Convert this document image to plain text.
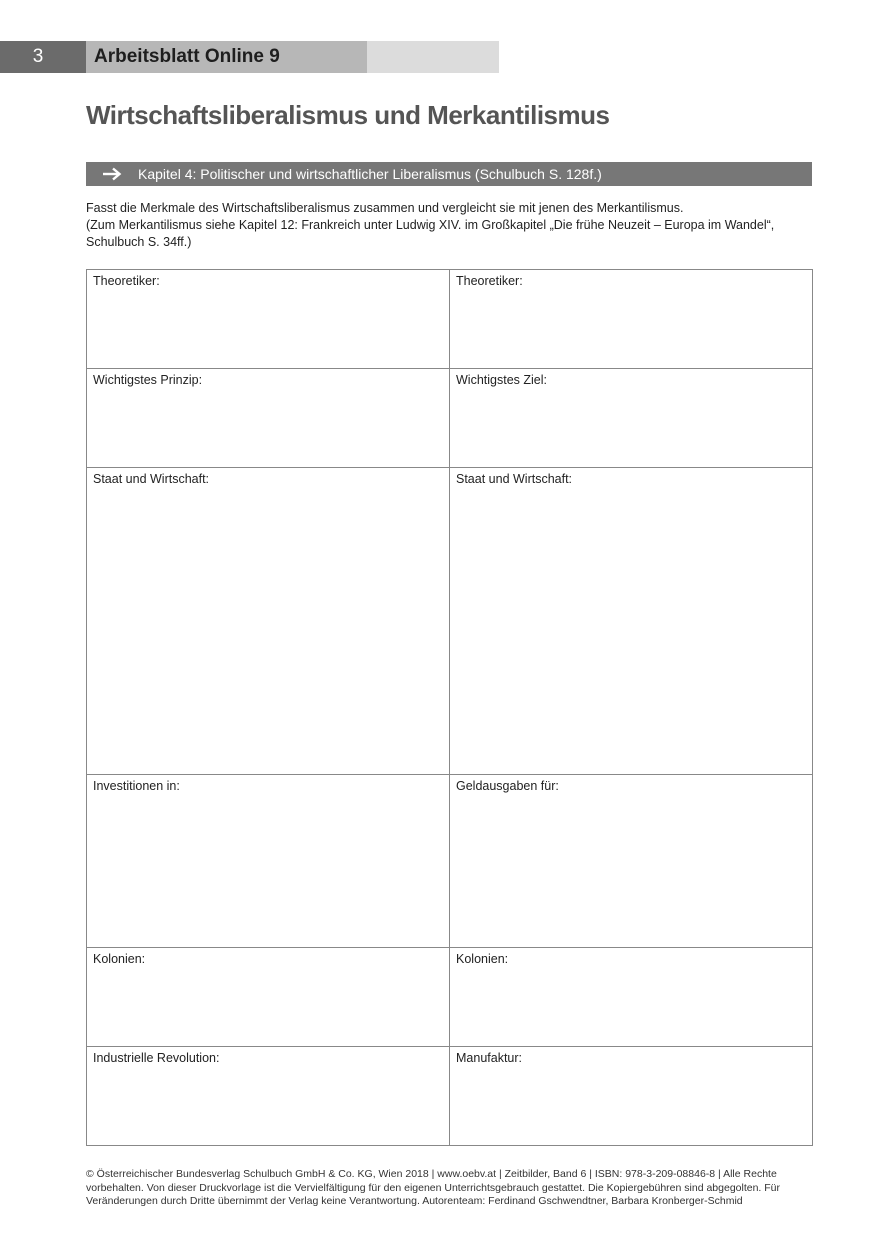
3	Arbeitsblatt Online 9
Wirtschaftsliberalismus und Merkantilismus
Kapitel 4: Politischer und wirtschaftlicher Liberalismus (Schulbuch S. 128f.)

Fasst die Merkmale des Wirtschaftsliberalismus zusammen und vergleicht sie mit jenen des Merkantilismus.

(Zum Merkantilismus siehe Kapitel 12: Frankreich unter Ludwig XIV. im Großkapitel „Die frühe Neuzeit – Europa im Wandel“, Schulbuch S. 34ff.)

Theoretiker:	Theoretiker:
Wichtigstes Prinzip:	Wichtigstes Ziel:
Staat und Wirtschaft:	Staat und Wirtschaft:
Investitionen in:	Geldausgaben für:
Kolonien:	Kolonien:
Industrielle Revolution:	Manufaktur:

© Österreichischer Bundesverlag Schulbuch GmbH & Co. KG, Wien 2018 | www.oebv.at | Zeitbilder, Band 6 | ISBN: 978-3-209-08846-8 | Alle Rechte vorbehalten. Von dieser Druckvorlage ist die Vervielfältigung für den eigenen Unterrichtsgebrauch gestattet. Die Kopiergebühren sind abgegolten. Für Veränderungen durch Dritte übernimmt der Verlag keine Verantwortung. Autorenteam: Ferdinand Gschwendtner, Barbara Kronberger-Schmid
